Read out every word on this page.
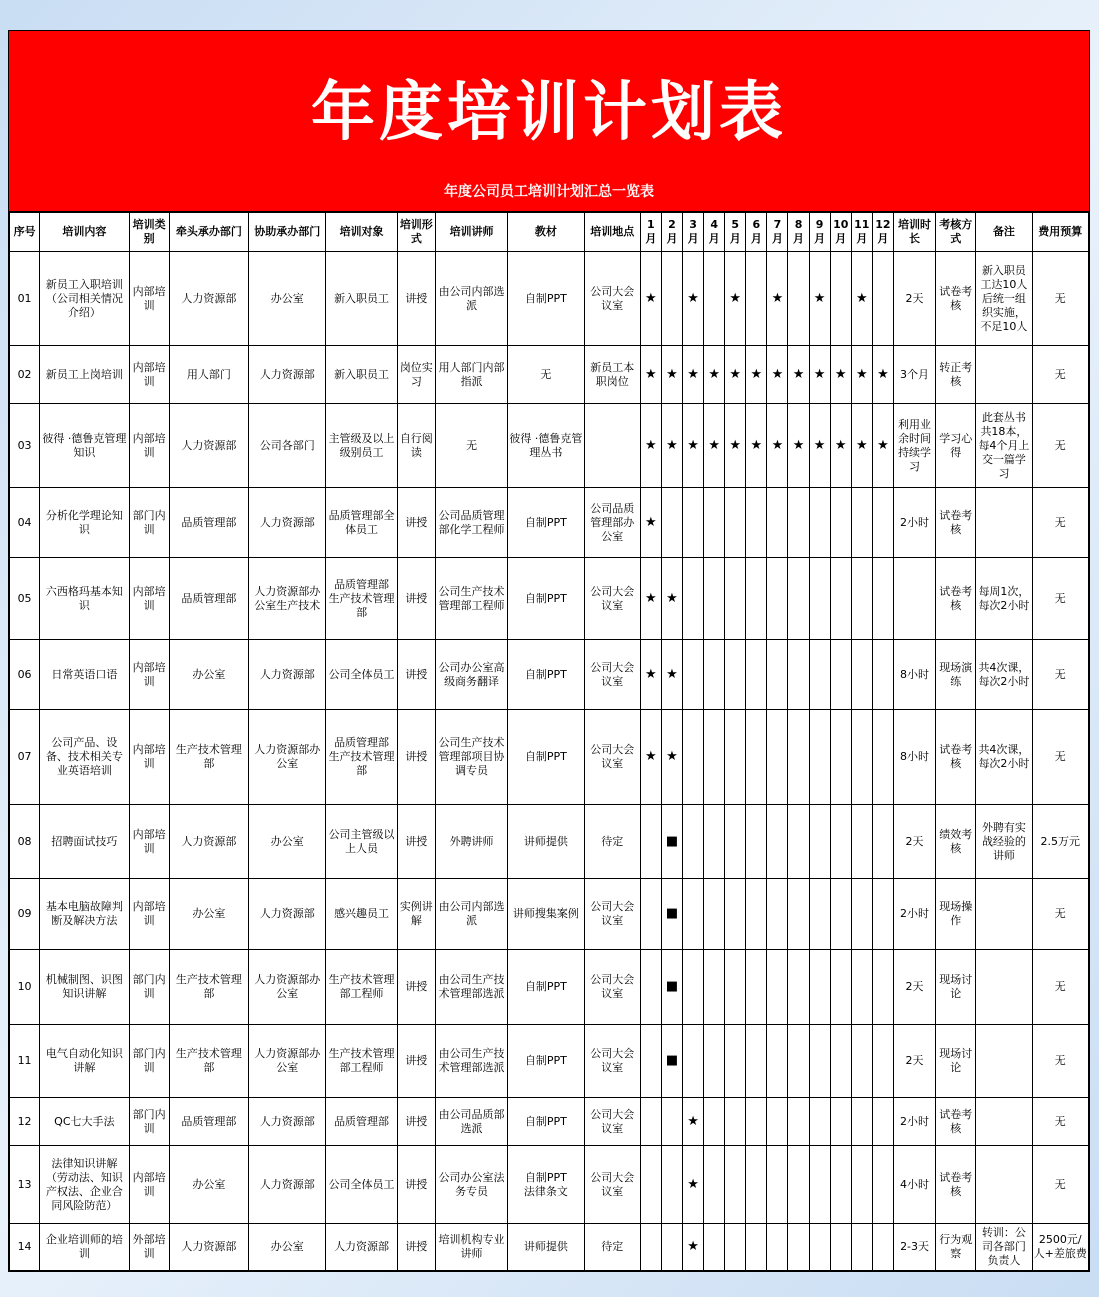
年度培训计划表
年度公司员工培训计划汇总一览表
序号	培训内容	培训类别	牵头承办部门	协助承办部门	培训对象	培训形式	培训讲师	教材	培训地点	1月	2月	3月	4月	5月	6月	7月	8月	9月	10月	11月	12月	培训时长	考核方式	备注	费用预算
01	新员工入职培训（公司相关情况介绍）	内部培训	人力资源部	办公室	新入职员工	讲授	由公司内部选派	自制PPT	公司大会议室	★		★		★		★		★		★		2天	试卷考核	新入职员工达10人后统一组织实施，不足10人	无
02	新员工上岗培训	内部培训	用人部门	人力资源部	新入职员工	岗位实习	用人部门内部指派	无	新员工本职岗位	★	★	★	★	★	★	★	★	★	★	★	★	3个月	转正考核		无
03	彼得 ·德鲁克管理知识	内部培训	人力资源部	公司各部门	主管级及以上级别员工	自行阅读	无	彼得 ·德鲁克管理丛书		★	★	★	★	★	★	★	★	★	★	★	★	利用业余时间持续学习	学习心得	此套丛书共18本，每4个月上交一篇学习	无
04	分析化学理论知识	部门内训	品质管理部	人力资源部	品质管理部全体员工	讲授	公司品质管理部化学工程师	自制PPT	公司品质管理部办公室	★												2小时	试卷考核		无
05	六西格玛基本知识	内部培训	品质管理部	人力资源部办公室生产技术	品质管理部
生产技术管理部	讲授	公司生产技术管理部工程师	自制PPT	公司大会议室	★	★												试卷考核	每周1次，每次2小时	无
06	日常英语口语	内部培训	办公室	人力资源部	公司全体员工	讲授	公司办公室高级商务翻译	自制PPT	公司大会议室	★	★											8小时	现场演练	共4次课，每次2小时	无
07	公司产品、设备、技术相关专业英语培训	内部培训	生产技术管理部	人力资源部办公室	品质管理部
生产技术管理部	讲授	公司生产技术管理部项目协调专员	自制PPT	公司大会议室	★	★											8小时	试卷考核	共4次课，每次2小时	无
08	招聘面试技巧	内部培训	人力资源部	办公室	公司主管级以上人员	讲授	外聘讲师	讲师提供	待定		■											2天	绩效考核	外聘有实战经验的讲师	2.5万元
09	基本电脑故障判断及解决方法	内部培训	办公室	人力资源部	感兴趣员工	实例讲解	由公司内部选派	讲师搜集案例	公司大会议室		■											2小时	现场操作		无
10	机械制图、识图知识讲解	部门内训	生产技术管理部	人力资源部办公室	生产技术管理部工程师	讲授	由公司生产技术管理部选派	自制PPT	公司大会议室		■											2天	现场讨论		无
11	电气自动化知识讲解	部门内训	生产技术管理部	人力资源部办公室	生产技术管理部工程师	讲授	由公司生产技术管理部选派	自制PPT	公司大会议室		■											2天	现场讨论		无
12	QC七大手法	部门内训	品质管理部	人力资源部	品质管理部	讲授	由公司品质部选派	自制PPT	公司大会议室			★										2小时	试卷考核		无
13	法律知识讲解（劳动法、知识产权法、企业合同风险防范）	内部培训	办公室	人力资源部	公司全体员工	讲授	公司办公室法务专员	自制PPT
法律条文	公司大会议室			★										4小时	试卷考核		无
14	企业培训师的培训	外部培训	人力资源部	办公室	人力资源部	讲授	培训机构专业讲师	讲师提供	待定			★										2-3天	行为观察	转训：公司各部门负责人	2500元/人+差旅费
